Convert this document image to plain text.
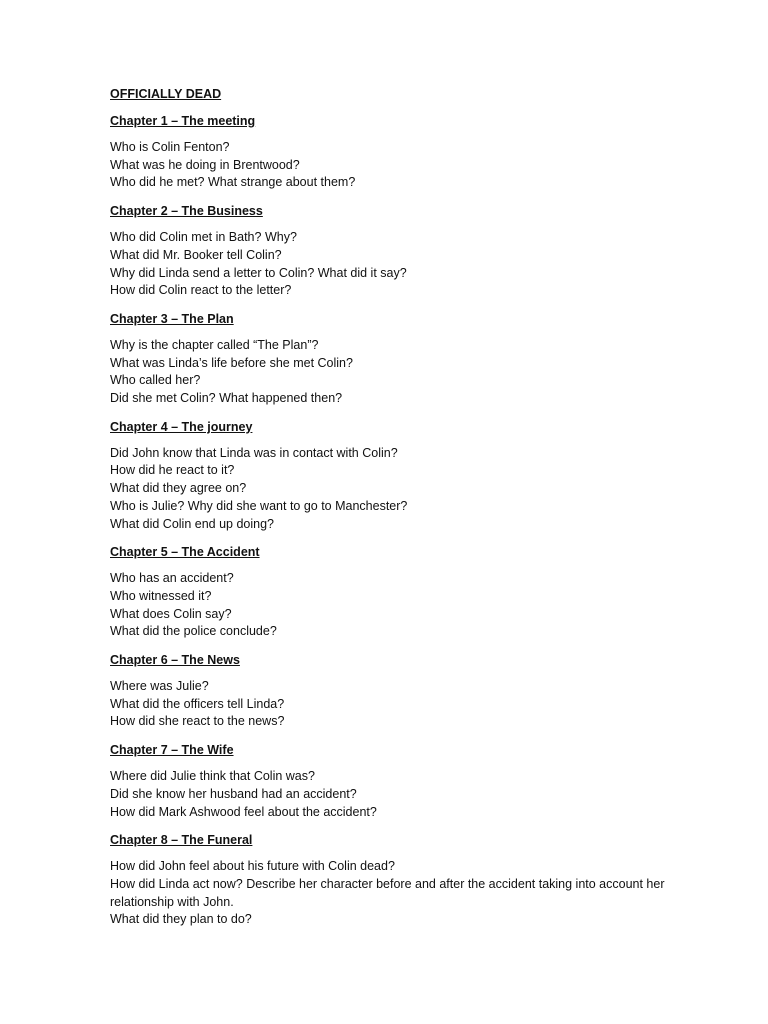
OFFICIALLY DEAD
Chapter 1 – The meeting
Who is Colin Fenton?
What was he doing in Brentwood?
Who did he met? What strange about them?
Chapter 2 – The Business
Who did Colin met in Bath? Why?
What did Mr. Booker tell Colin?
Why did Linda send a letter to Colin? What did it say?
How did Colin react to the letter?
Chapter 3 – The Plan
Why is the chapter called “The Plan”?
What was Linda’s life before she met Colin?
Who called her?
Did she met Colin? What happened then?
Chapter 4 – The journey
Did John know that Linda was in contact with Colin?
How did he react to it?
What did they agree on?
Who is Julie? Why did she want to go to Manchester?
What did Colin end up doing?
Chapter 5 – The Accident
Who has an accident?
Who witnessed it?
What does Colin say?
What did the police conclude?
Chapter 6 – The News
Where was Julie?
What did the officers tell Linda?
How did she react to the news?
Chapter 7 – The Wife
Where did Julie think that Colin was?
Did she know her husband had an accident?
How did Mark Ashwood feel about the accident?
Chapter 8 – The Funeral
How did John feel about his future with Colin dead?
How did Linda act now? Describe her character before and after the accident taking into account her relationship with John.
What did they plan to do?
